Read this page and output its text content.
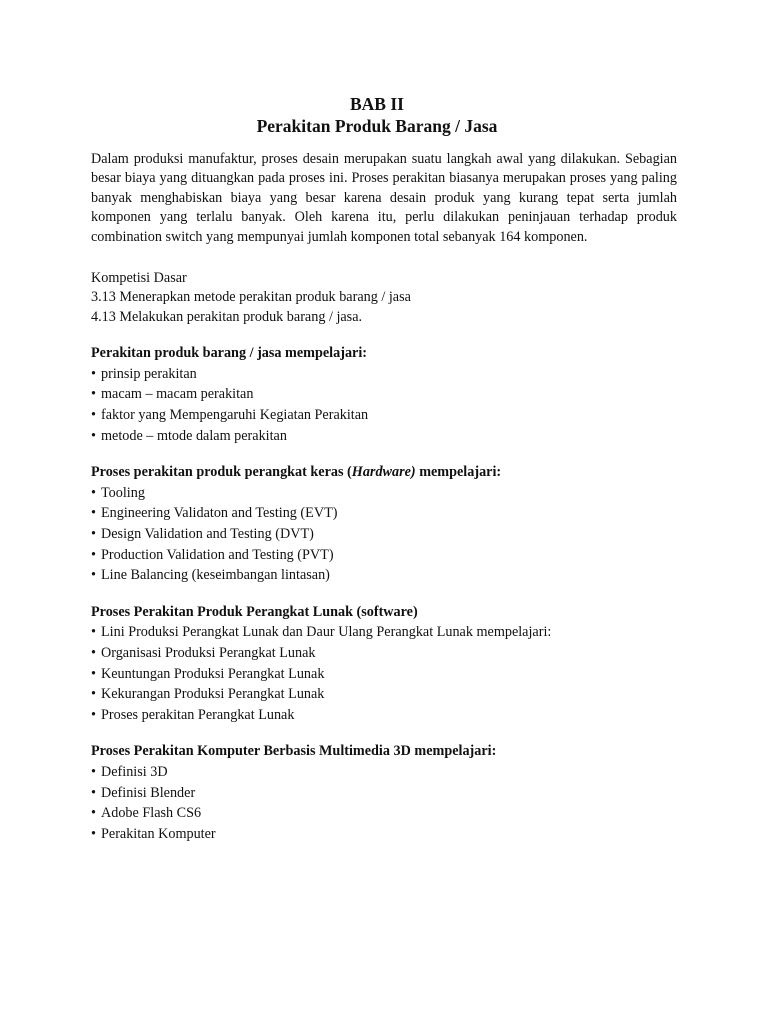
BAB II
Perakitan Produk Barang / Jasa
Dalam produksi manufaktur, proses desain merupakan suatu langkah awal yang dilakukan. Sebagian besar biaya yang dituangkan pada proses ini. Proses perakitan biasanya merupakan proses yang paling banyak menghabiskan biaya yang besar karena desain produk yang kurang tepat serta jumlah komponen yang terlalu banyak. Oleh karena itu, perlu dilakukan peninjauan terhadap produk combination switch yang mempunyai jumlah komponen total sebanyak 164 komponen.
Kompetisi Dasar
3.13 Menerapkan metode perakitan produk barang / jasa
4.13 Melakukan perakitan produk barang / jasa.
Perakitan produk barang / jasa mempelajari:
• prinsip perakitan
• macam – macam perakitan
• faktor yang Mempengaruhi Kegiatan Perakitan
• metode – mtode dalam perakitan
Proses perakitan produk perangkat keras (Hardware) mempelajari:
• Tooling
• Engineering Validaton and Testing (EVT)
• Design Validation and Testing (DVT)
• Production Validation and Testing (PVT)
• Line Balancing (keseimbangan lintasan)
Proses Perakitan Produk Perangkat Lunak (software)
• Lini Produksi Perangkat Lunak dan Daur Ulang Perangkat Lunak mempelajari:
• Organisasi Produksi Perangkat Lunak
• Keuntungan Produksi Perangkat Lunak
• Kekurangan Produksi Perangkat Lunak
• Proses perakitan Perangkat Lunak
Proses Perakitan Komputer Berbasis Multimedia 3D mempelajari:
• Definisi 3D
• Definisi Blender
• Adobe Flash CS6
• Perakitan Komputer
